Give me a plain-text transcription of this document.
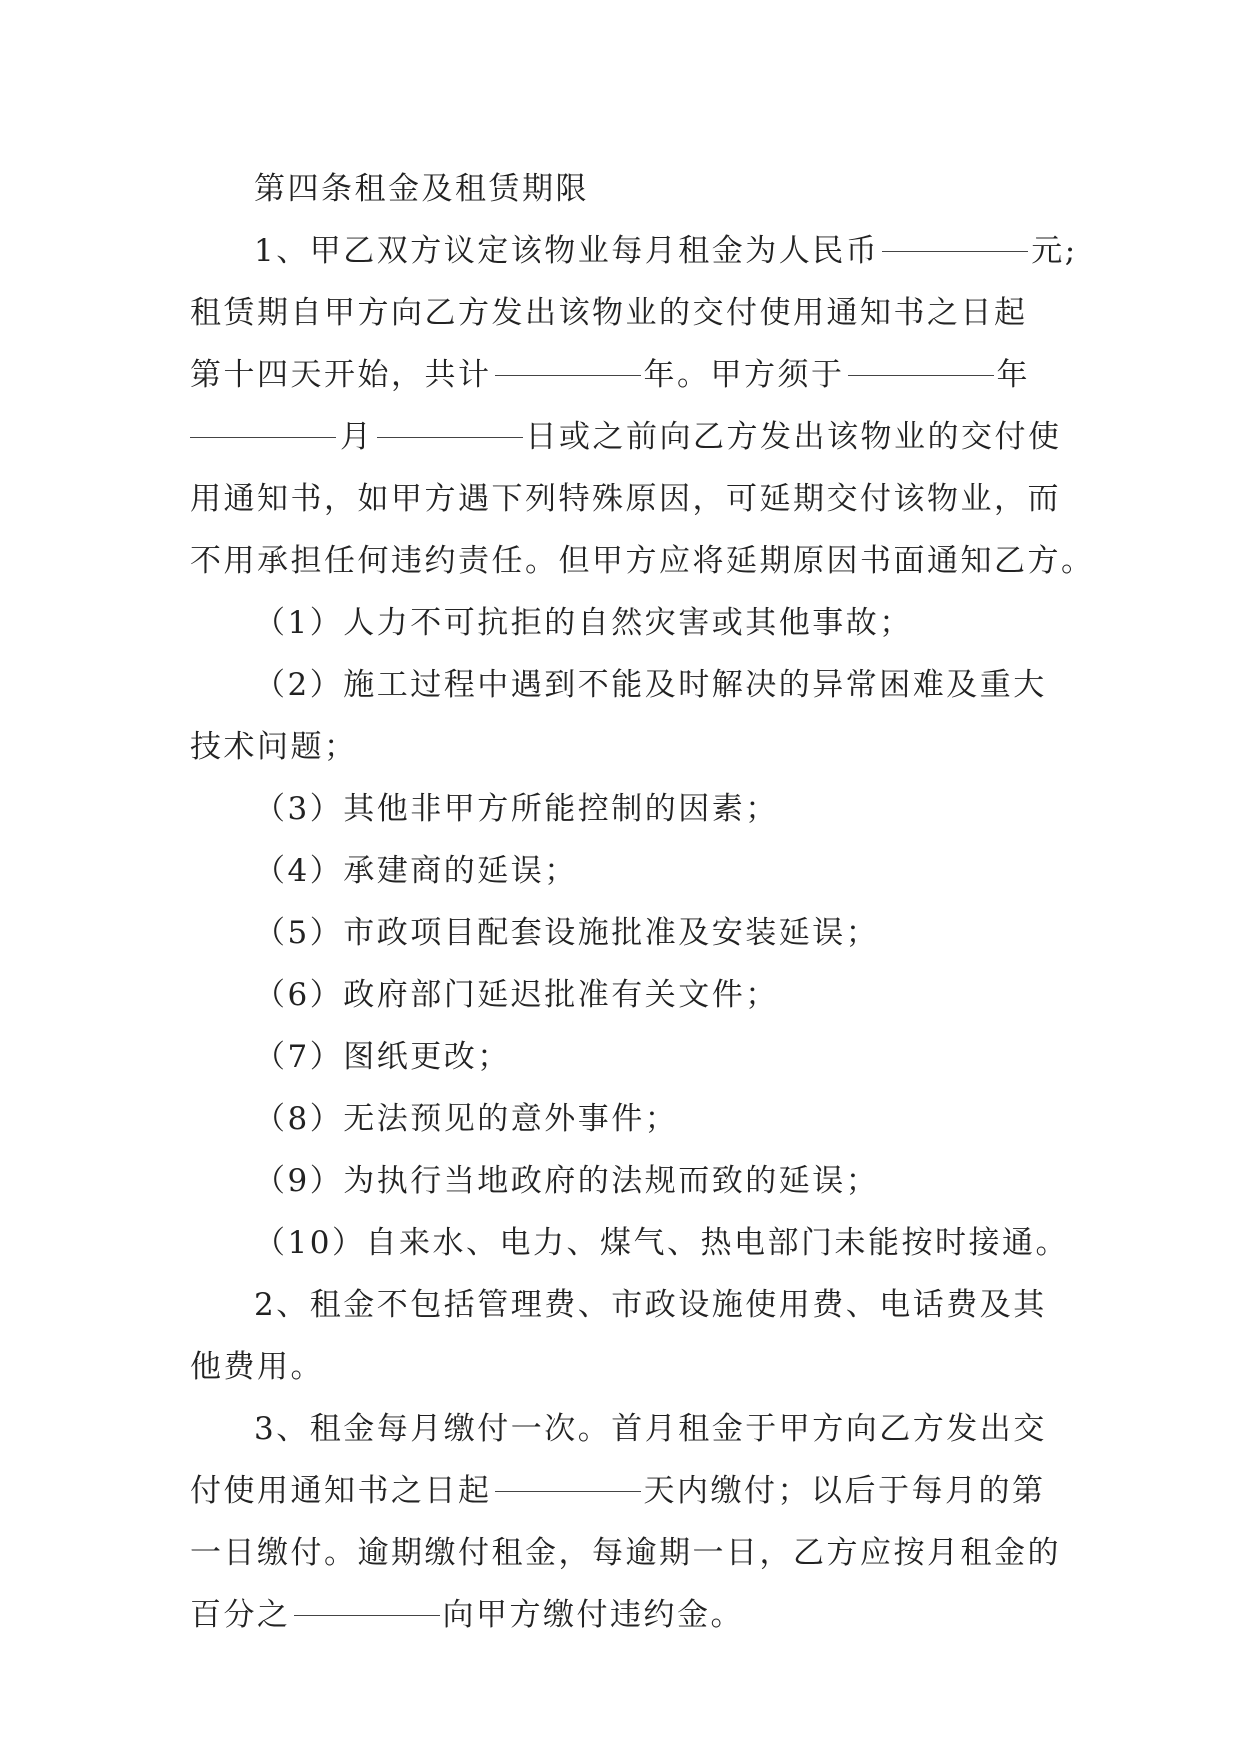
第四条租金及租赁期限
1、甲乙双方议定该物业每月租金为人民币	元;
租赁期自甲方向乙方发出该物业的交付使用通知书之日起
第十四天开始，共计	年。甲方须于	年
月	日或之前向乙方发出该物业的交付使
用通知书，如甲方遇下列特殊原因，可延期交付该物业，而
不用承担任何违约责任。但甲方应将延期原因书面通知乙方。
（1）人力不可抗拒的自然灾害或其他事故；
（2）施工过程中遇到不能及时解决的异常困难及重大
技术问题；
（3）其他非甲方所能控制的因素；
（4）承建商的延误；
（5）市政项目配套设施批准及安装延误；
（6）政府部门延迟批准有关文件；
（7）图纸更改；
（8）无法预见的意外事件；
（9）为执行当地政府的法规而致的延误；
（10）自来水、电力、煤气、热电部门未能按时接通。
2、租金不包括管理费、市政设施使用费、电话费及其
他费用。
3、租金每月缴付一次。首月租金于甲方向乙方发出交
付使用通知书之日起	天内缴付；以后于每月的第
一日缴付。逾期缴付租金，每逾期一日，乙方应按月租金的
百分之	向甲方缴付违约金。
